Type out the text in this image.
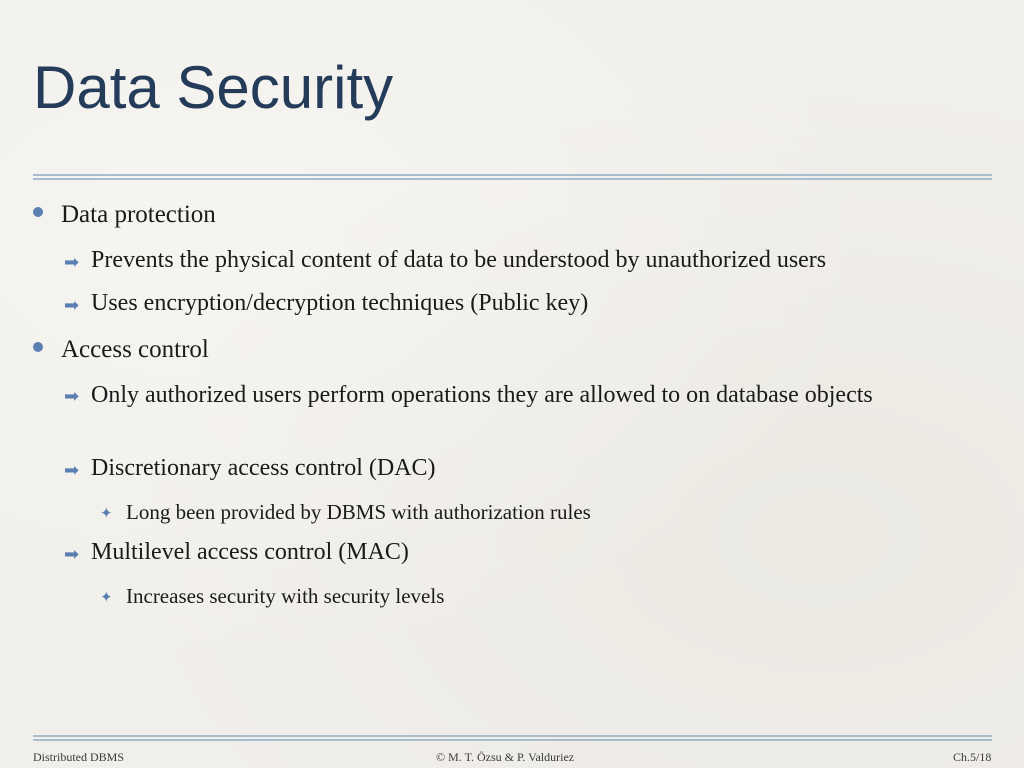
Data Security
Data protection
➡ Prevents the physical content of data to be understood by unauthorized users
➡ Uses encryption/decryption techniques (Public key)
Access control
➡ Only authorized users perform operations they are allowed to on database objects
➡ Discretionary access control (DAC)
✦ Long been provided by DBMS with authorization rules
➡ Multilevel access control (MAC)
✦ Increases security with security levels
Distributed DBMS	© M. T. Özsu & P. Valduriez	Ch.5/18
